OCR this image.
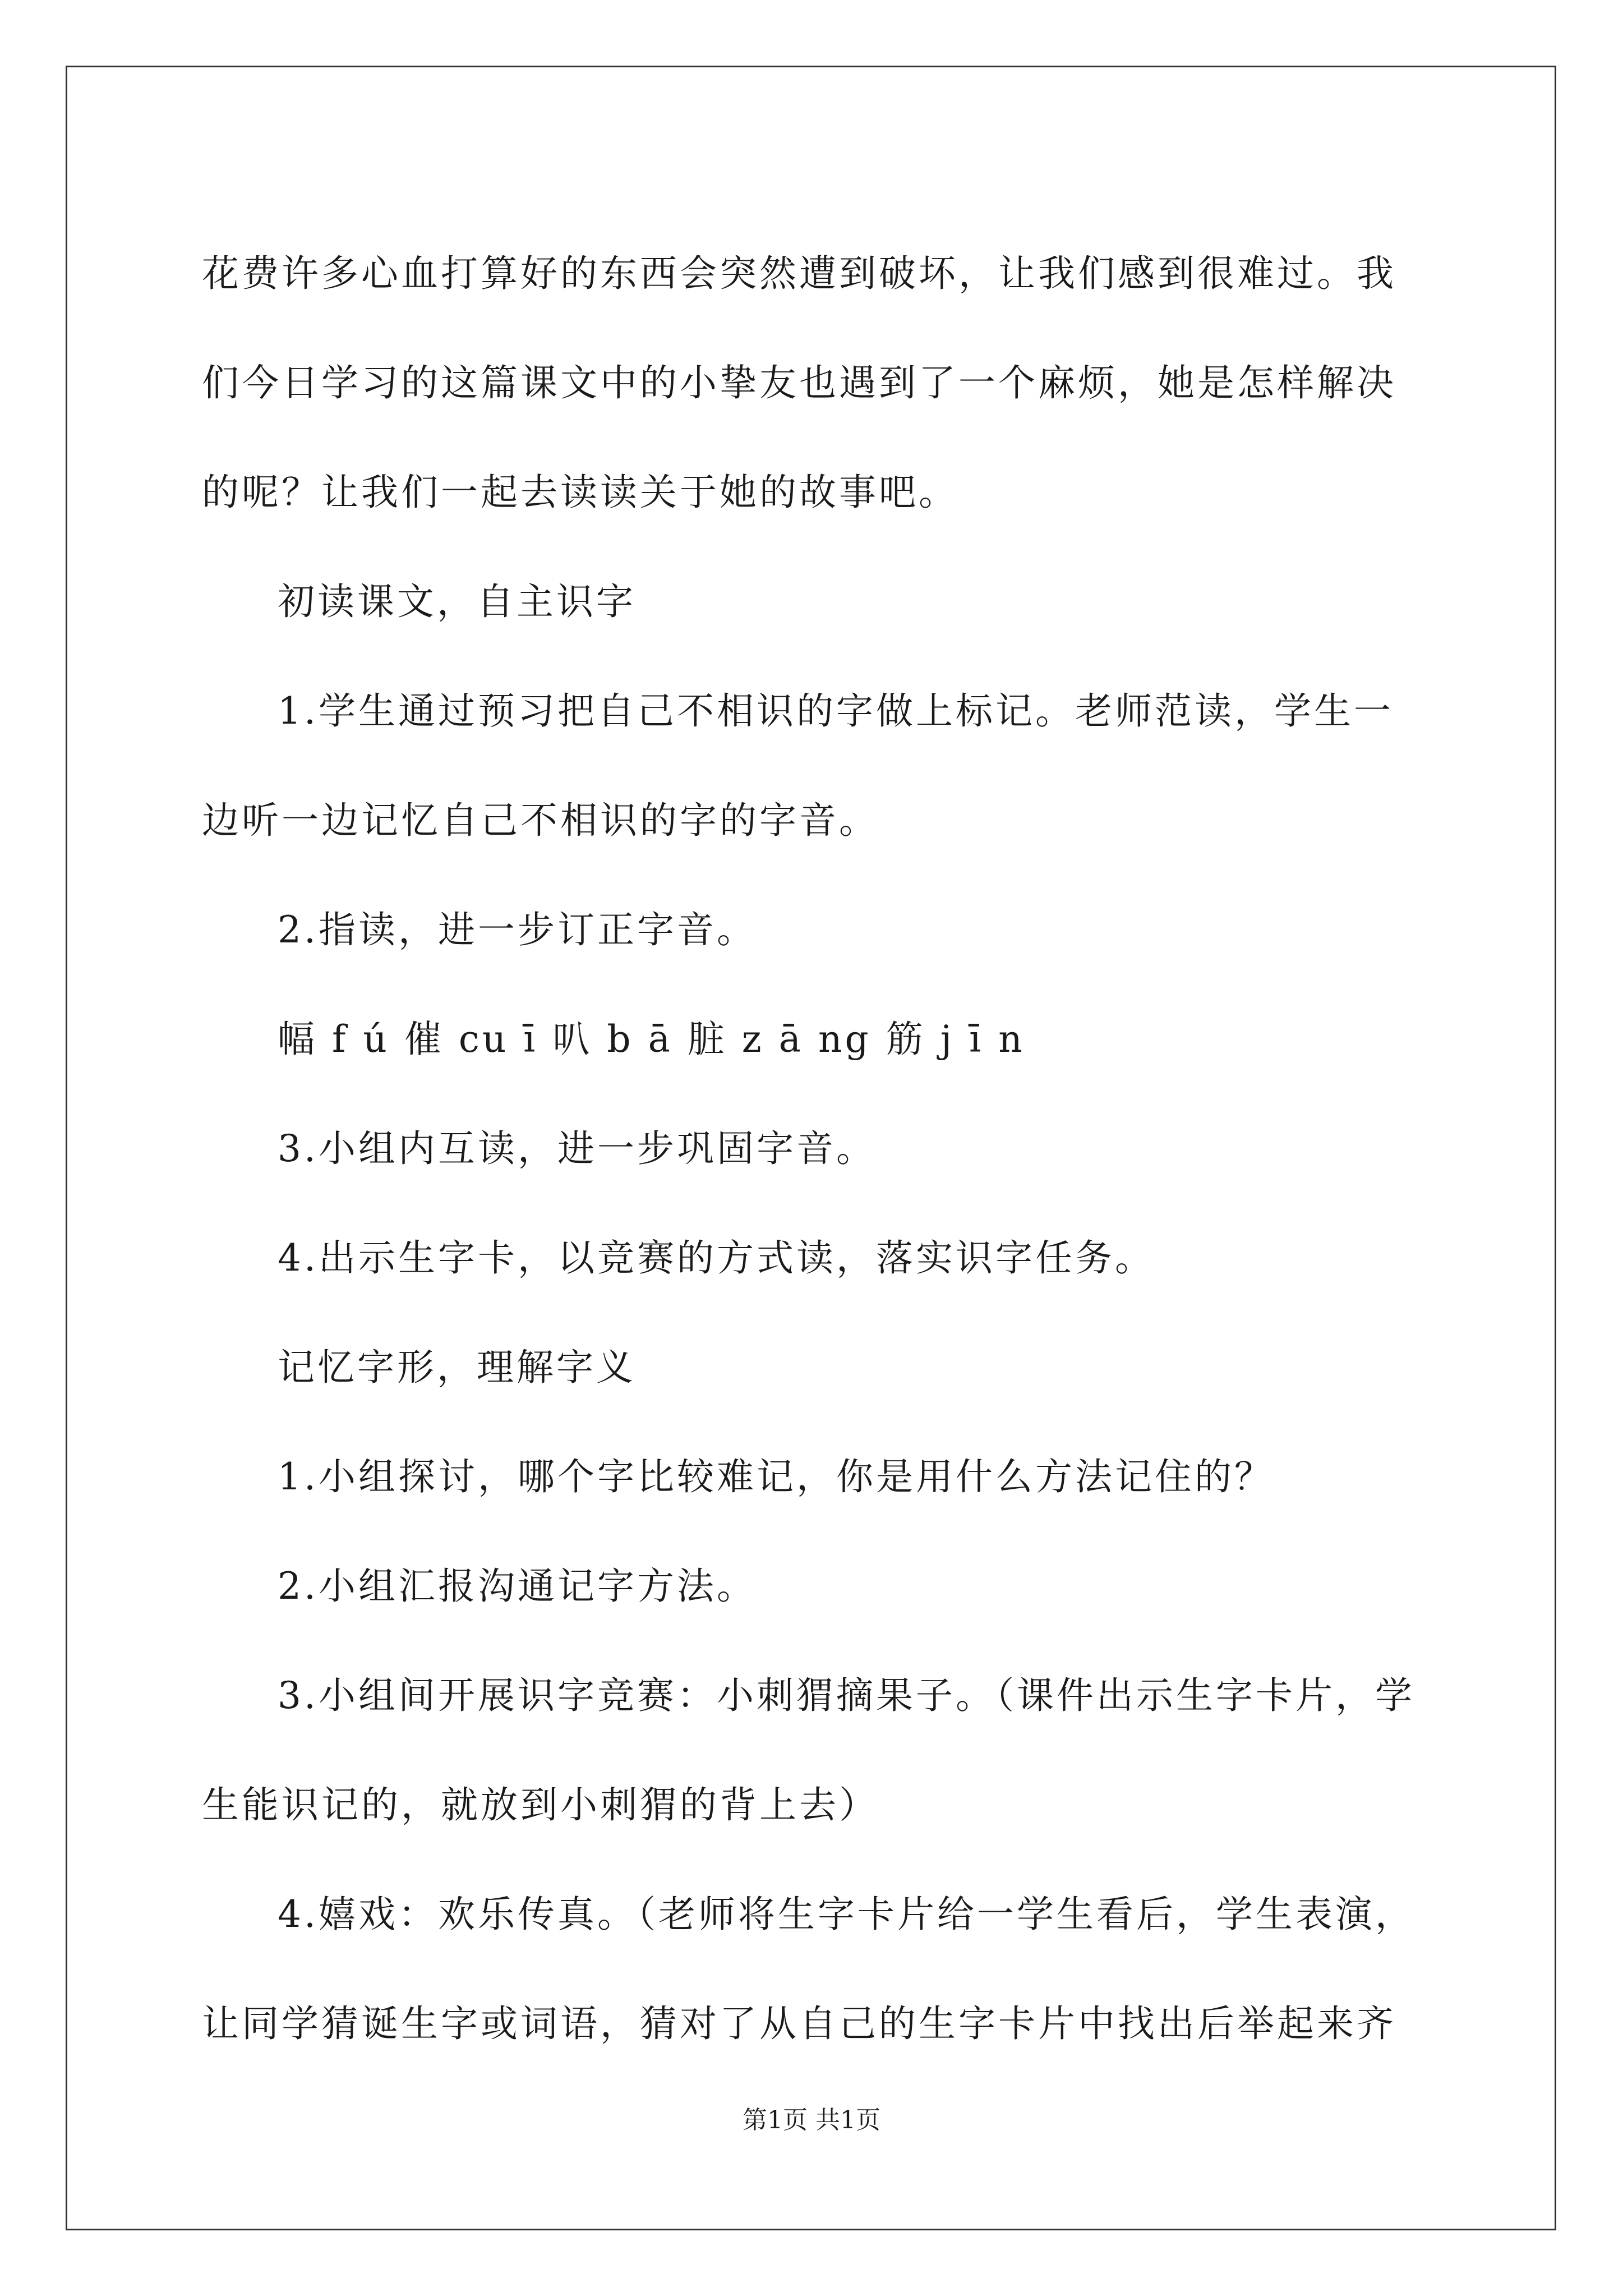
花费许多心血打算好的东西会突然遭到破坏，让我们感到很难过。我

们今日学习的这篇课文中的小挚友也遇到了一个麻烦，她是怎样解决

的呢？让我们一起去读读关于她的故事吧。

初读课文，自主识字

1.学生通过预习把自己不相识的字做上标记。老师范读，学生一

边听一边记忆自己不相识的字的字音。

2.指读，进一步订正字音。

幅 f ú 催 cu ī 叭 b ā 脏 z ā ng 筋 j ī n

3.小组内互读，进一步巩固字音。

4.出示生字卡，以竞赛的方式读，落实识字任务。

记忆字形，理解字义

1.小组探讨，哪个字比较难记，你是用什么方法记住的？

2.小组汇报沟通记字方法。

3.小组间开展识字竞赛：小刺猬摘果子。（课件出示生字卡片，学

生能识记的，就放到小刺猬的背上去）

4.嬉戏：欢乐传真。（老师将生字卡片给一学生看后，学生表演，

让同学猜诞生字或词语，猜对了从自己的生字卡片中找出后举起来齐

第1页 共1页
